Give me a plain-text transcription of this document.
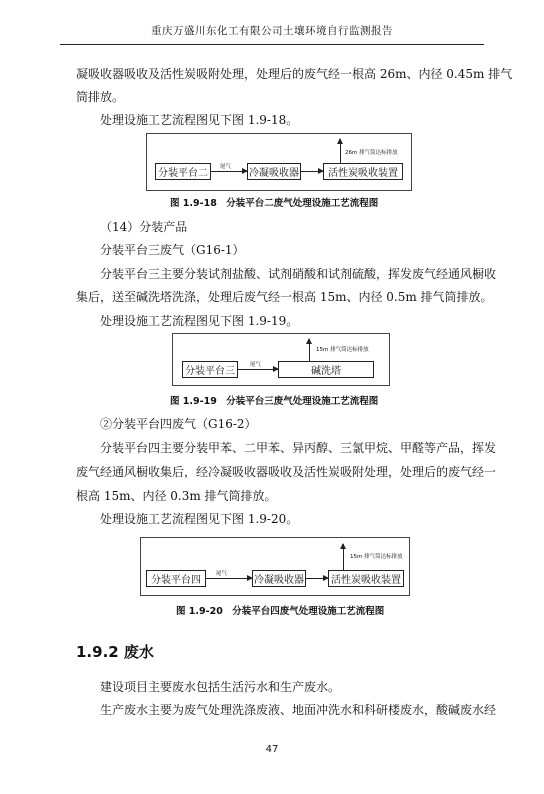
重庆万盛川东化工有限公司土壤环境自行监测报告
凝吸收器吸收及活性炭吸附处理，处理后的废气经一根高 26m、内径 0.45m 排气
筒排放。
处理设施工艺流程图见下图 1.9-18。
分装平台二
尾气
冷凝吸收器	活性炭吸收装置
26m 排气筒达标排放
图 1.9-18　分装平台二废气处理设施工艺流程图
（14）分装产品
分装平台三废气（G16-1）
分装平台三主要分装试剂盐酸、试剂硝酸和试剂硫酸，挥发废气经通风橱收
集后，送至碱洗塔洗涤，处理后废气经一根高 15m、内径 0.5m 排气筒排放。
处理设施工艺流程图见下图 1.9-19。
分装平台三
尾气
碱洗塔
15m 排气筒达标排放
图 1.9-19　分装平台三废气处理设施工艺流程图
②分装平台四废气（G16-2）
分装平台四主要分装甲苯、二甲苯、异丙醇、三氯甲烷、甲醛等产品，挥发
废气经通风橱收集后，经冷凝吸收器吸收及活性炭吸附处理，处理后的废气经一
根高 15m、内径 0.3m 排气筒排放。
处理设施工艺流程图见下图 1.9-20。
分装平台四
尾气
冷凝吸收器	活性炭吸收装置
15m 排气筒达标排放
图 1.9-20　分装平台四废气处理设施工艺流程图
1.9.2 废水
建设项目主要废水包括生活污水和生产废水。
生产废水主要为废气处理洗涤废液、地面冲洗水和科研楼废水，酸碱废水经
47
